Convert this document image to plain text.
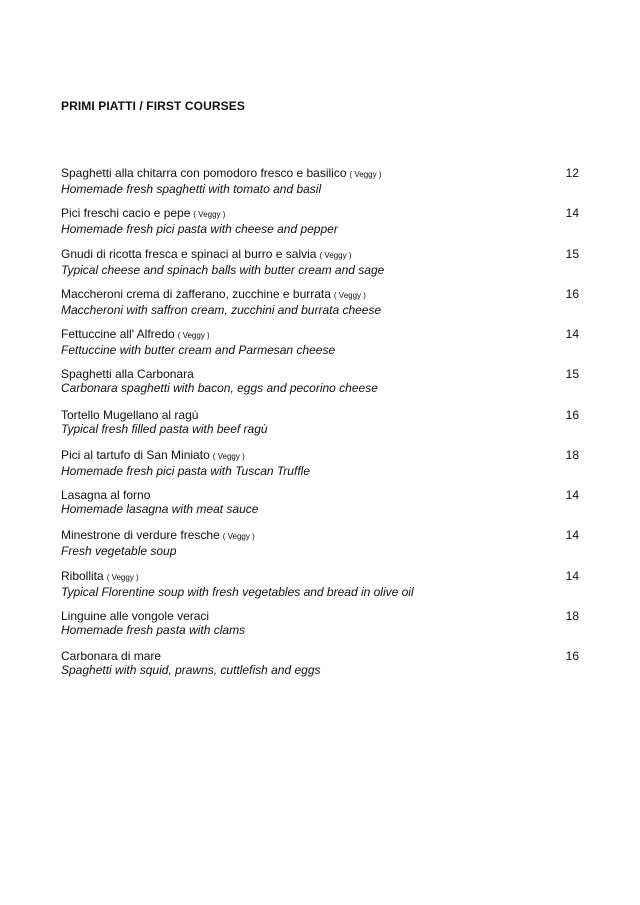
PRIMI PIATTI / FIRST COURSES
Spaghetti alla chitarra con pomodoro fresco e basilico ( Veggy )
Homemade fresh spaghetti with tomato and basil
12
Pici freschi cacio e pepe ( Veggy )
Homemade fresh pici pasta with cheese and pepper
14
Gnudi di ricotta fresca e spinaci al burro e salvia ( Veggy )
Typical cheese and spinach balls with butter cream and sage
15
Maccheroni crema di zafferano, zucchine e burrata ( Veggy )
Maccheroni with saffron cream, zucchini and burrata cheese
16
Fettuccine all' Alfredo ( Veggy )
Fettuccine with butter cream and Parmesan cheese
14
Spaghetti alla Carbonara
Carbonara spaghetti with bacon, eggs and pecorino cheese
15
Tortello Mugellano al ragù
Typical fresh filled pasta with beef ragù
16
Pici al tartufo di San Miniato ( Veggy )
Homemade fresh pici pasta with Tuscan Truffle
18
Lasagna al forno
Homemade lasagna with meat sauce
14
Minestrone di verdure fresche ( Veggy )
Fresh vegetable soup
14
Ribollita ( Veggy )
Typical Florentine soup with fresh vegetables and bread in olive oil
14
Linguine alle vongole veraci
Homemade fresh pasta with clams
18
Carbonara di mare
Spaghetti with squid, prawns, cuttlefish and eggs
16
